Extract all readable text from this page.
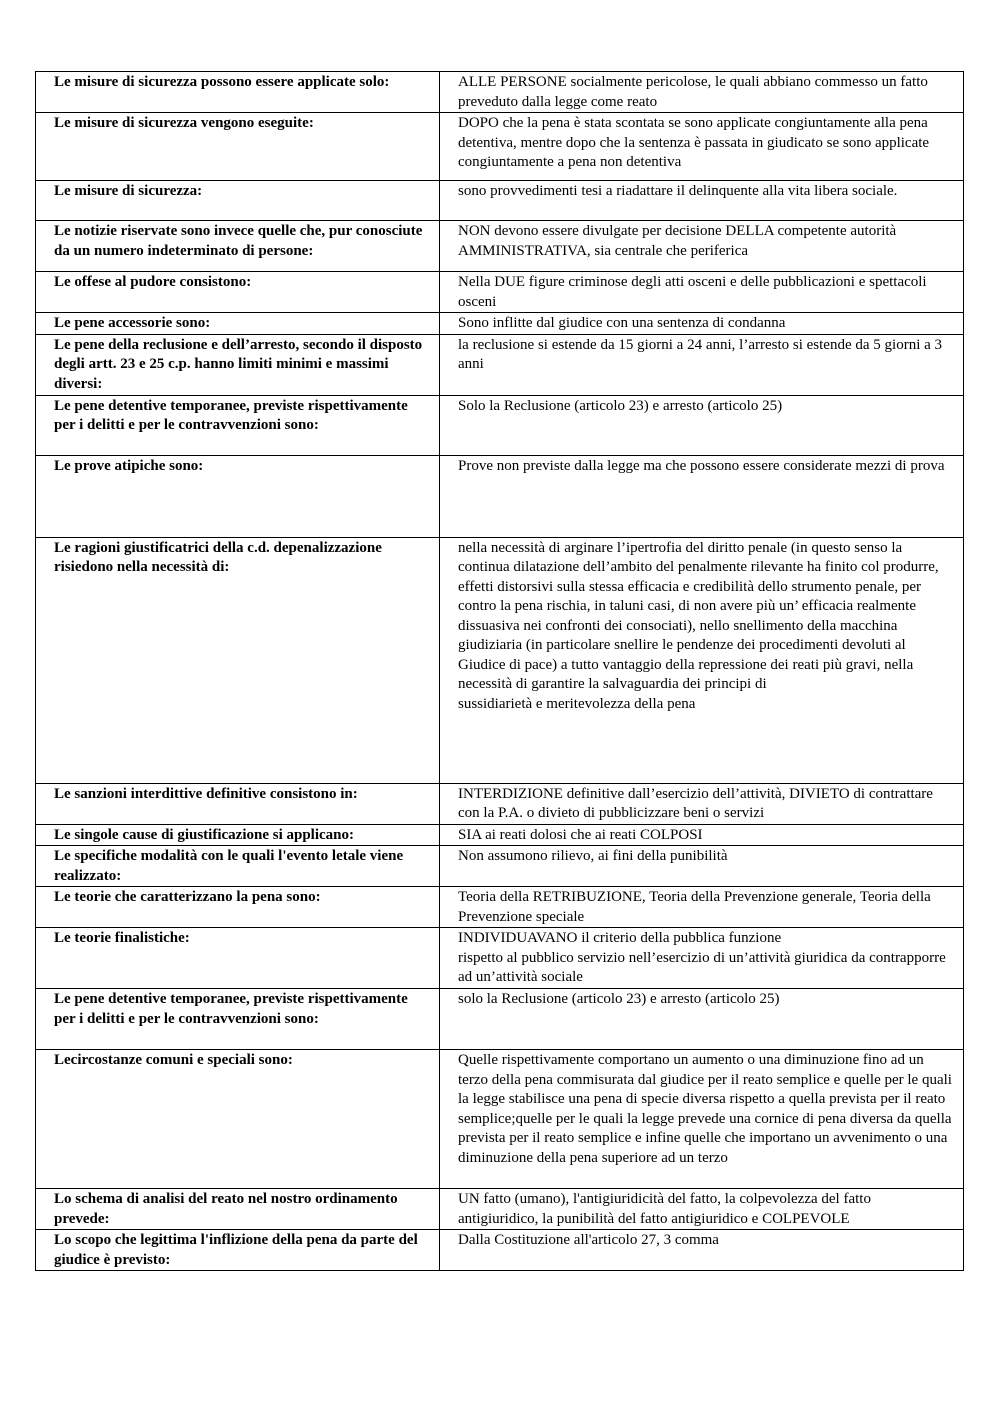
Le misure di sicurezza possono essere applicate solo:	ALLE PERSONE socialmente pericolose, le quali abbiano commesso un fatto preveduto dalla legge come reato
Le misure di sicurezza vengono eseguite:	DOPO che la pena è stata scontata se sono applicate congiuntamente alla pena detentiva, mentre dopo che la sentenza è passata in giudicato se sono applicate congiuntamente a pena non detentiva
Le misure di sicurezza:	sono provvedimenti tesi a riadattare il delinquente alla vita libera sociale.
Le notizie riservate sono invece quelle che, pur conosciute da un numero indeterminato di persone:	NON devono essere divulgate per decisione DELLA competente autorità AMMINISTRATIVA, sia centrale che periferica
Le offese al pudore consistono:	Nella DUE figure criminose degli atti osceni e delle pubblicazioni e spettacoli osceni
Le pene accessorie sono:	Sono inflitte dal giudice con una sentenza di condanna
Le pene della reclusione e dell’arresto, secondo il disposto degli artt. 23 e 25 c.p. hanno limiti minimi e massimi diversi:	la reclusione si estende da 15 giorni a 24 anni, l’arresto si estende da 5 giorni a 3 anni
Le pene detentive temporanee, previste rispettivamente per i delitti e per le contravvenzioni sono:	Solo la Reclusione (articolo 23) e arresto (articolo 25)
Le prove atipiche sono:	Prove non previste dalla legge ma che possono essere considerate mezzi di prova
Le ragioni giustificatrici della c.d. depenalizzazione risiedono nella necessità di:	nella necessità di arginare l’ipertrofia del diritto penale (in questo senso la continua dilatazione dell’ambito del penalmente rilevante ha finito col produrre, effetti distorsivi sulla stessa efficacia e credibilità dello strumento penale, per contro la pena rischia, in taluni casi, di non avere più un’ efficacia realmente dissuasiva nei confronti dei consociati), nello snellimento della macchina giudiziaria (in particolare snellire le pendenze dei procedimenti devoluti al Giudice di pace) a tutto vantaggio della repressione dei reati più gravi, nella necessità di garantire la salvaguardia dei principi di
sussidiarietà e meritevolezza della pena
Le sanzioni interdittive definitive consistono in:	INTERDIZIONE definitive dall’esercizio dell’attività, DIVIETO di contrattare con la P.A. o divieto di pubblicizzare beni o servizi
Le singole cause di giustificazione si applicano:	SIA ai reati dolosi che ai reati COLPOSI
Le specifiche modalità con le quali l'evento letale viene realizzato:	Non assumono rilievo, ai fini della punibilità
Le teorie che caratterizzano la pena sono:	Teoria della RETRIBUZIONE, Teoria della Prevenzione generale, Teoria della Prevenzione speciale
Le teorie finalistiche:	INDIVIDUAVANO il criterio della pubblica funzione
rispetto al pubblico servizio nell’esercizio di un’attività giuridica da contrapporre ad un’attività sociale
Le pene detentive temporanee, previste rispettivamente per i delitti e per le contravvenzioni sono:	solo la Reclusione (articolo 23) e arresto (articolo 25)
Lecircostanze comuni e speciali sono:	Quelle rispettivamente comportano un aumento o una diminuzione fino ad un terzo della pena commisurata dal giudice per il reato semplice e quelle per le quali la legge stabilisce una pena di specie diversa rispetto a quella prevista per il reato semplice;quelle per le quali la legge prevede una cornice di pena diversa da quella prevista per il reato semplice e infine quelle che importano un avvenimento o una diminuzione della pena superiore ad un terzo
Lo schema di analisi del reato nel nostro ordinamento prevede:	UN fatto (umano), l'antigiuridicità del fatto, la colpevolezza del fatto antigiuridico, la punibilità del fatto antigiuridico e COLPEVOLE
Lo scopo che legittima l'inflizione della pena da parte del giudice è previsto:	Dalla Costituzione all'articolo 27, 3 comma
